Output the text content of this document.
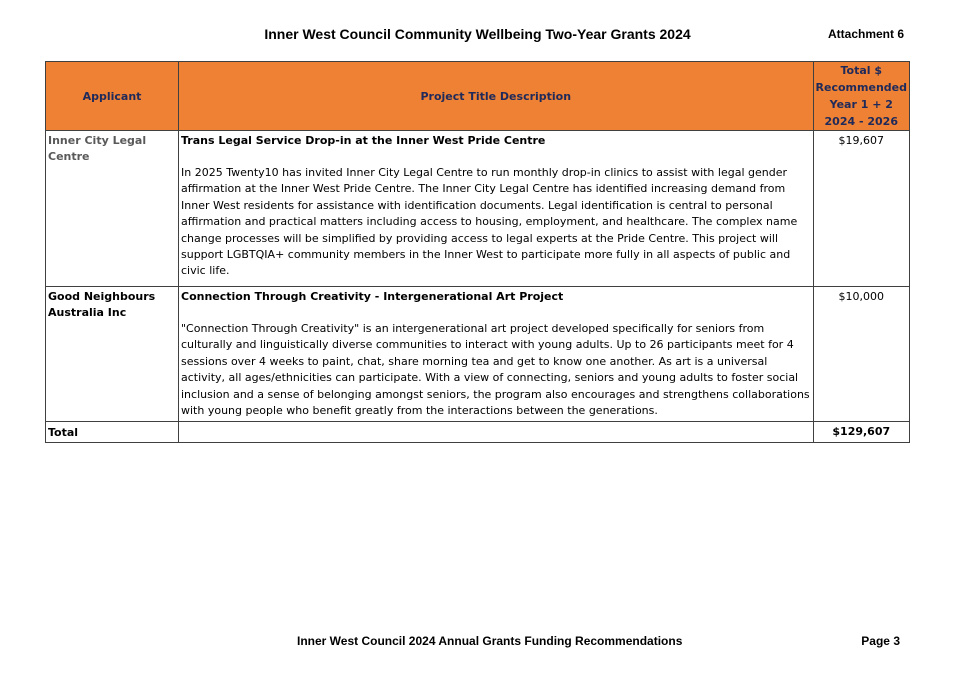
Inner West Council Community Wellbeing Two-Year Grants 2024	Attachment 6
Applicant	Project Title Description	Total $
Recommended
Year 1 + 2
2024 - 2026

Inner City Legal Centre	Trans Legal Service Drop-in at the Inner West Pride Centre
In 2025 Twenty10 has invited Inner City Legal Centre to run monthly drop-in clinics to assist with legal gender affirmation at the Inner West Pride Centre. The Inner City Legal Centre has identified increasing demand from Inner West residents for assistance with identification documents. Legal identification is central to personal affirmation and practical matters including access to housing, employment, and healthcare. The complex name change processes will be simplified by providing access to legal experts at the Pride Centre. This project will support LGBTQIA+ community members in the Inner West to participate more fully in all aspects of public and civic life.	$19,607

Good Neighbours Australia Inc	Connection Through Creativity - Intergenerational Art Project
"Connection Through Creativity" is an intergenerational art project developed specifically for seniors from culturally and linguistically diverse communities to interact with young adults. Up to 26 participants meet for 4 sessions over 4 weeks to paint, chat, share morning tea and get to know one another. As art is a universal activity, all ages/ethnicities can participate. With a view of connecting, seniors and young adults to foster social inclusion and a sense of belonging amongst seniors, the program also encourages and strengthens collaborations with young people who benefit greatly from the interactions between the generations.	$10,000

Total		$129,607
Inner West Council 2024 Annual Grants Funding Recommendations	Page 3
